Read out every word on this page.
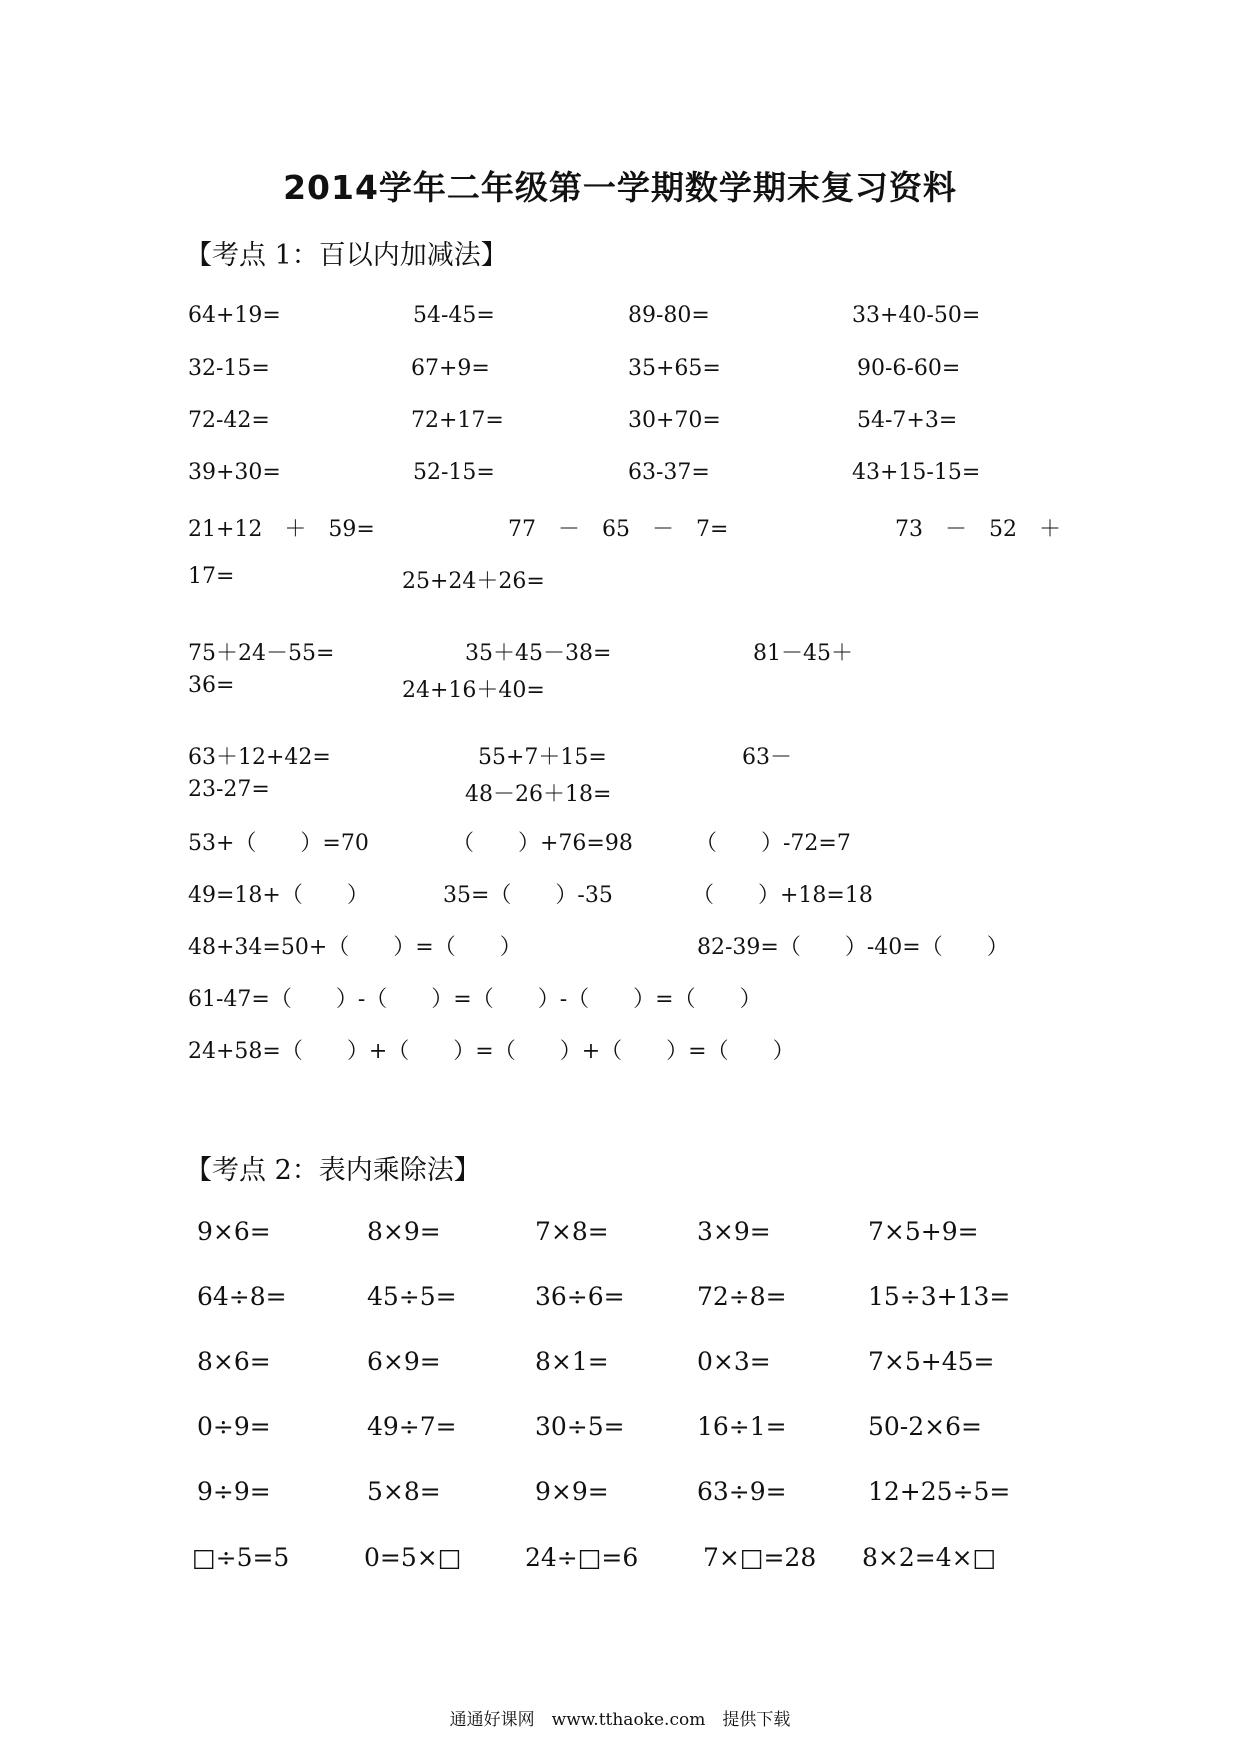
2014学年二年级第一学期数学期末复习资料
【考点 1：百以内加减法】
64+19=	54-45=	89-80=	33+40-50=
32-15=	67+9=	35+65=	90-6-60=
72-42=	72+17=	30+70=	54-7+3=
39+30=	52-15=	63-37=	43+15-15=
21+12　＋　59=	77　－　65　－　7=	73　－　52　＋
17=	25+24＋26=
75＋24－55=	35＋45－38=	81－45＋
36=	24+16＋40=
63＋12+42=	55+7＋15=	63－
23-27=	48－26＋18=
53+（　　）=70	（　　）+76=98	（　　）-72=7
49=18+（　　）	35=（　　）-35	（　　）+18=18
48+34=50+（　　）=（　　）	82-39=（　　）-40=（　　）
61-47=（　　）-（　　）=（　　）-（　　）=（　　）
24+58=（　　）+（　　）=（　　）+（　　）=（　　）
【考点 2：表内乘除法】
9×6=	8×9=	7×8=	3×9=	7×5+9=
64÷8=	45÷5=	36÷6=	72÷8=	15÷3+13=
8×6=	6×9=	8×1=	0×3=	7×5+45=
0÷9=	49÷7=	30÷5=	16÷1=	50-2×6=
9÷9=	5×8=	9×9=	63÷9=	12+25÷5=
□÷5=5	0=5×□	24÷□=6	7×□=28 8×2=4×□
通通好课网　www.tthaoke.com　提供下载
